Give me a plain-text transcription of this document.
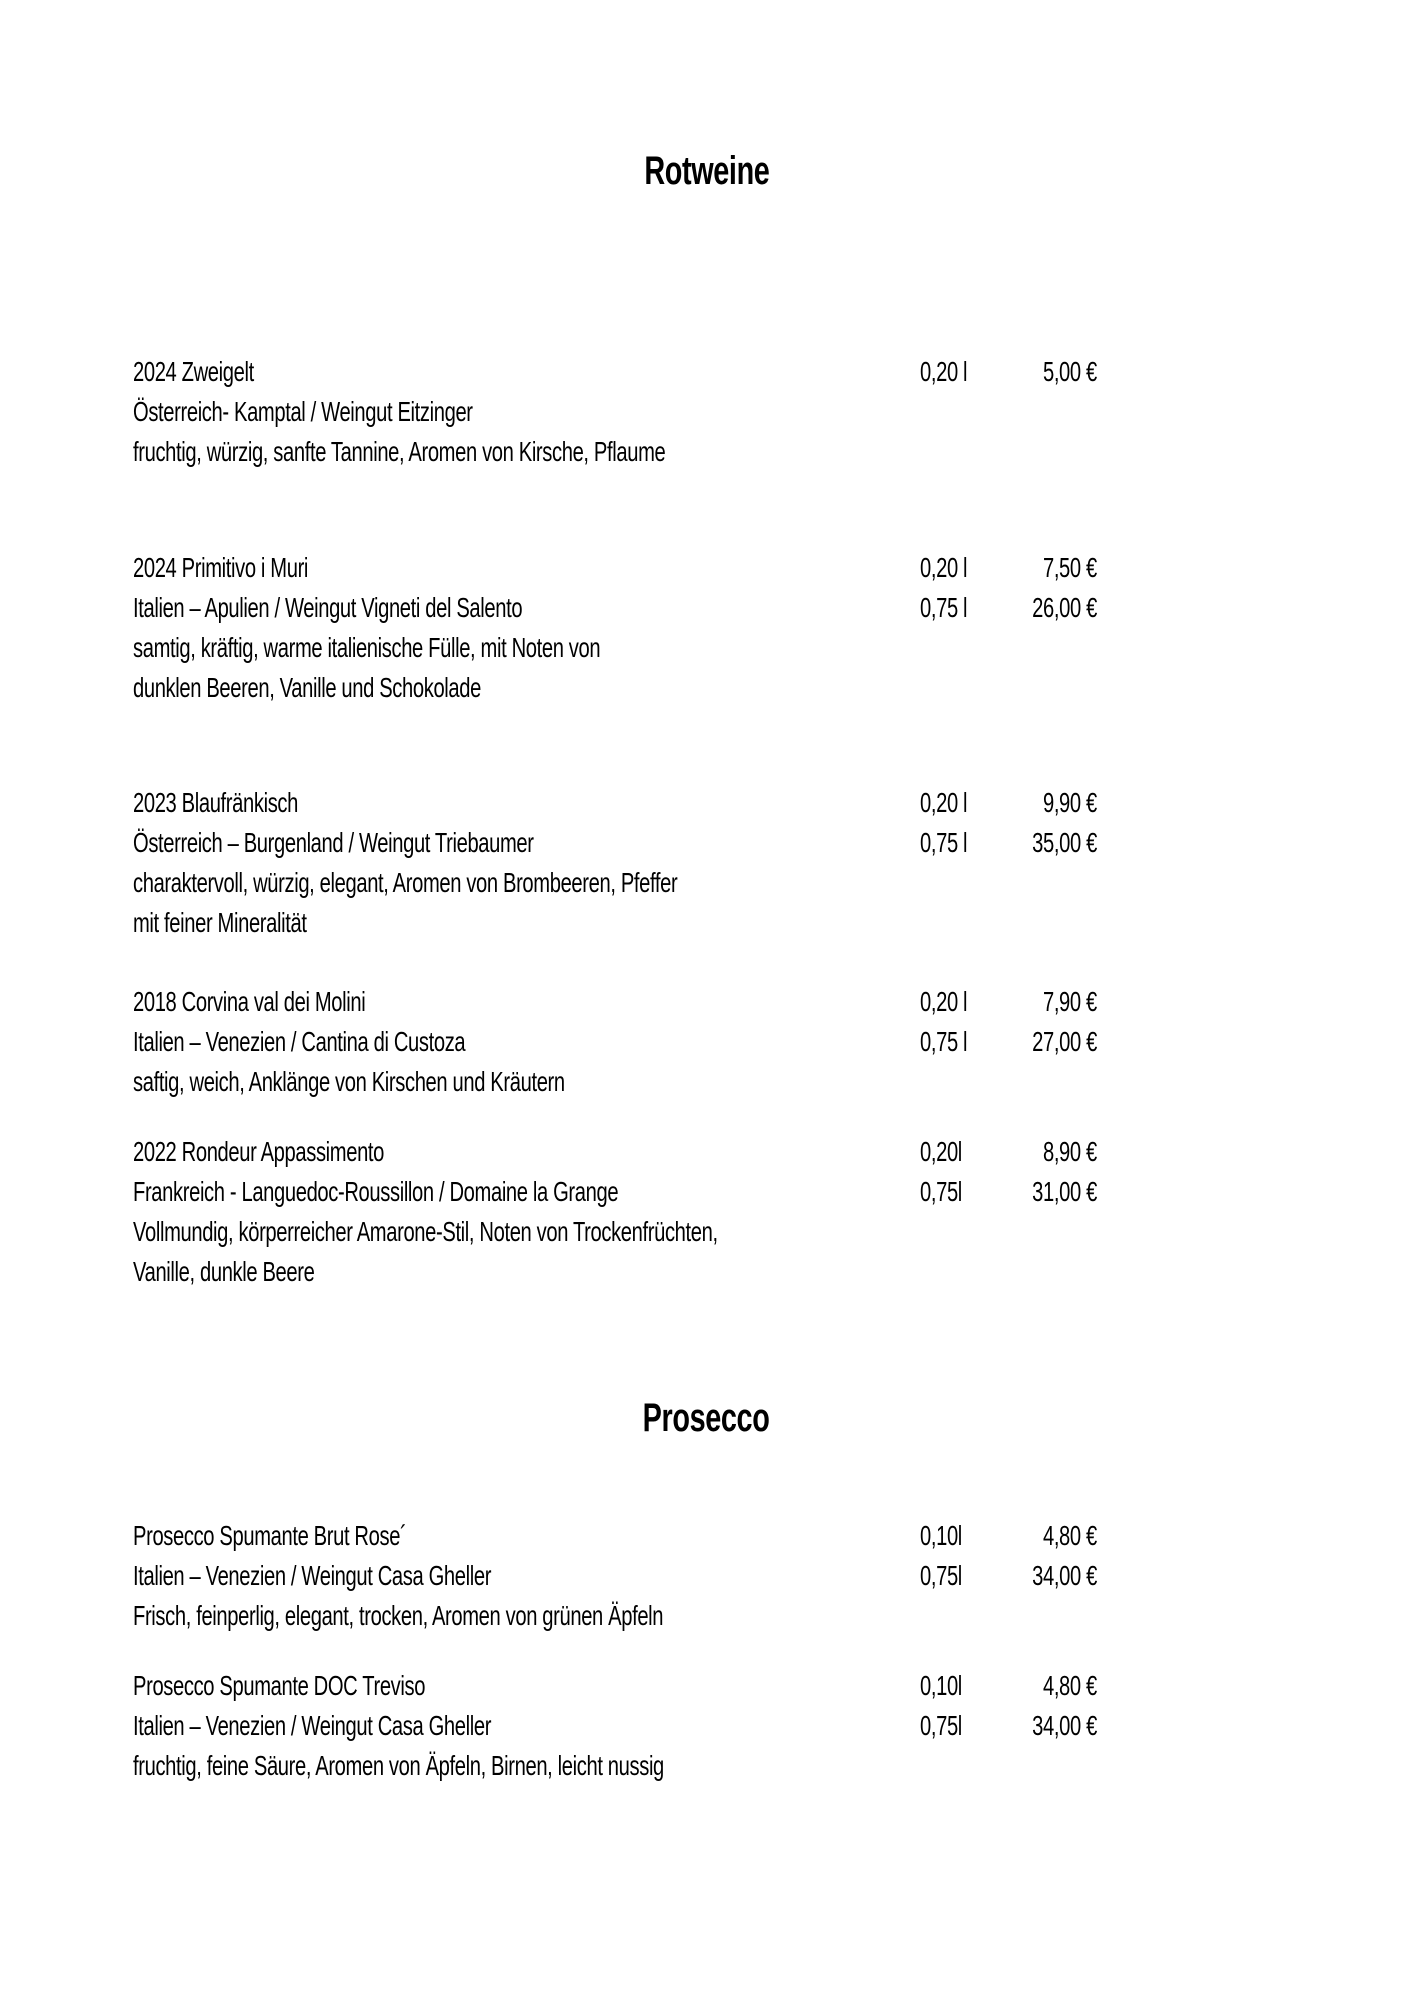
Rotweine
2024 Zweigelt	0,20 l	5,00 €
Österreich- Kamptal / Weingut Eitzinger
fruchtig, würzig, sanfte Tannine, Aromen von Kirsche, Pflaume
2024 Primitivo i Muri	0,20 l	7,50 €
Italien – Apulien / Weingut Vigneti del Salento	0,75 l	26,00 €
samtig, kräftig, warme italienische Fülle, mit Noten von
dunklen Beeren, Vanille und Schokolade
2023 Blaufränkisch	0,20 l	9,90 €
Österreich – Burgenland / Weingut Triebaumer	0,75 l	35,00 €
charaktervoll, würzig, elegant, Aromen von Brombeeren, Pfeffer
mit feiner Mineralität
2018 Corvina val dei Molini	0,20 l	7,90 €
Italien – Venezien / Cantina di Custoza	0,75 l	27,00 €
saftig, weich, Anklänge von Kirschen und Kräutern
2022 Rondeur Appassimento	0,20l	8,90 €
Frankreich - Languedoc-Roussillon / Domaine la Grange	0,75l	31,00 €
Vollmundig, körperreicher Amarone-Stil, Noten von Trockenfrüchten,
Vanille, dunkle Beere
Prosecco
Prosecco Spumante Brut Rose´	0,10l	4,80 €
Italien – Venezien / Weingut Casa Gheller	0,75l	34,00 €
Frisch, feinperlig, elegant, trocken, Aromen von grünen Äpfeln
Prosecco Spumante DOC Treviso	0,10l	4,80 €
Italien – Venezien / Weingut Casa Gheller	0,75l	34,00 €
fruchtig, feine Säure, Aromen von Äpfeln, Birnen, leicht nussig
